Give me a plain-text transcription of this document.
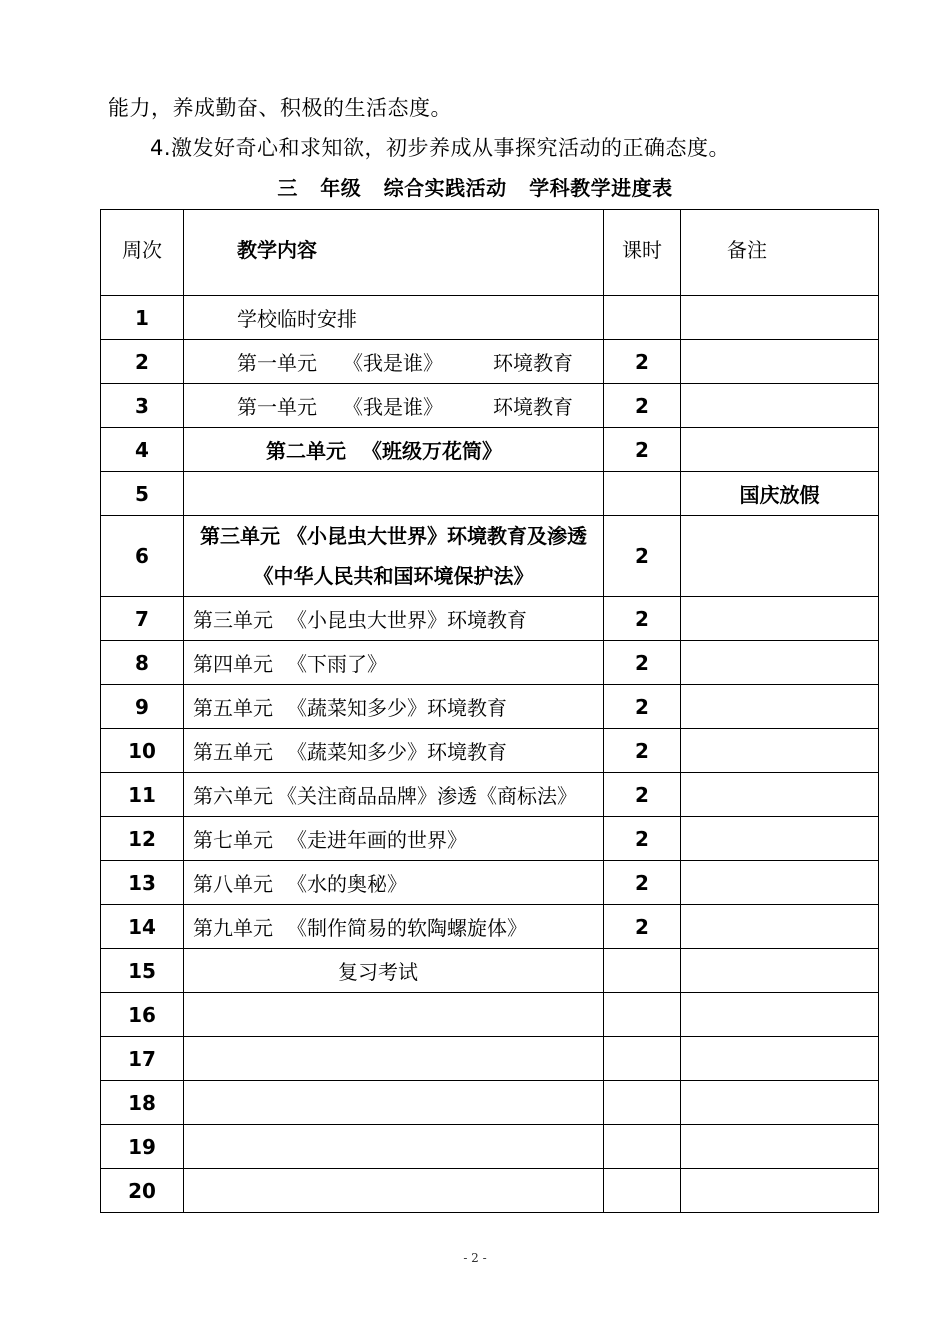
能力，养成勤奋、积极的生活态度。
4.激发好奇心和求知欲，初步养成从事探究活动的正确态度。
三   年级   综合实践活动   学科教学进度表
周次	教学内容	课时	备注

1	学校临时安排		
2	第一单元 《我是谁》 环境教育	2	
3	第一单元 《我是谁》 环境教育	2	
4	第二单元 《班级万花筒》	2	
5			国庆放假
6	第三单元 《小昆虫大世界》环境教育及渗透《中华人民共和国环境保护法》	2	
7	第三单元 《小昆虫大世界》环境教育	2	
8	第四单元 《下雨了》	2	
9	第五单元 《蔬菜知多少》环境教育	2	
10	第五单元 《蔬菜知多少》环境教育	2	
11	第六单元 《关注商品品牌》渗透《商标法》	2	
12	第七单元 《走进年画的世界》	2	
13	第八单元 《水的奥秘》	2	
14	第九单元 《制作简易的软陶螺旋体》	2	
15	复习考试		
16			
17			
18			
19			
20			
- 2 -
